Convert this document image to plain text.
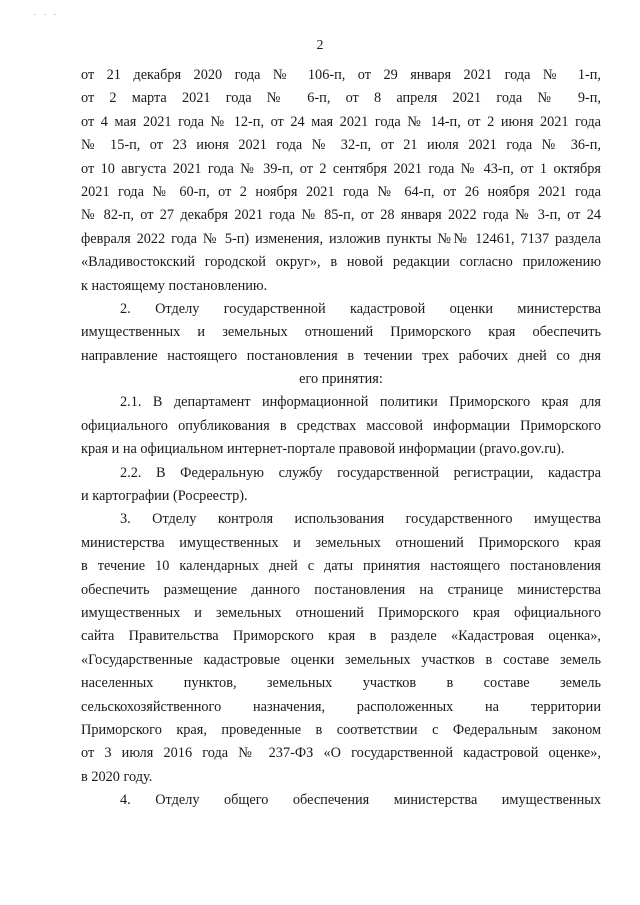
. . .
2
от 21 декабря 2020 года № 106-п, от 29 января 2021 года № 1-п,
от 2 марта 2021 года № 6-п, от 8 апреля 2021 года № 9-п,
от 4 мая 2021 года № 12-п, от 24 мая 2021 года № 14-п, от 2 июня 2021 года
№ 15-п, от 23 июня 2021 года № 32-п, от 21 июля 2021 года № 36-п,
от 10 августа 2021 года № 39-п, от 2 сентября 2021 года № 43-п, от 1 октября
2021 года № 60-п, от 2 ноября 2021 года № 64-п, от 26 ноября 2021 года
№ 82-п, от 27 декабря 2021 года № 85-п, от 28 января 2022 года № 3-п, от 24
февраля 2022 года № 5-п) изменения, изложив пункты №№ 12461, 7137 раздела
«Владивостокский городской округ», в новой редакции согласно приложению
к настоящему постановлению.
2. Отделу государственной кадастровой оценки министерства
имущественных и земельных отношений Приморского края обеспечить
направление настоящего постановления в течении трех рабочих дней со дня
его принятия:
2.1. В департамент информационной политики Приморского края для
официального опубликования в средствах массовой информации Приморского
края и на официальном интернет-портале правовой информации (pravo.gov.ru).
2.2. В Федеральную службу государственной регистрации, кадастра
и картографии (Росреестр).
3. Отделу контроля использования государственного имущества
министерства имущественных и земельных отношений Приморского края
в течение 10 календарных дней с даты принятия настоящего постановления
обеспечить размещение данного постановления на странице министерства
имущественных и земельных отношений Приморского края официального
сайта Правительства Приморского края в разделе «Кадастровая оценка»,
«Государственные кадастровые оценки земельных участков в составе земель
населенных пунктов, земельных участков в составе земель
сельскохозяйственного назначения, расположенных на территории
Приморского края, проведенные в соответствии с Федеральным законом
от 3 июля 2016 года № 237-ФЗ «О государственной кадастровой оценке»,
в 2020 году.
4. Отделу общего обеспечения министерства имущественных
